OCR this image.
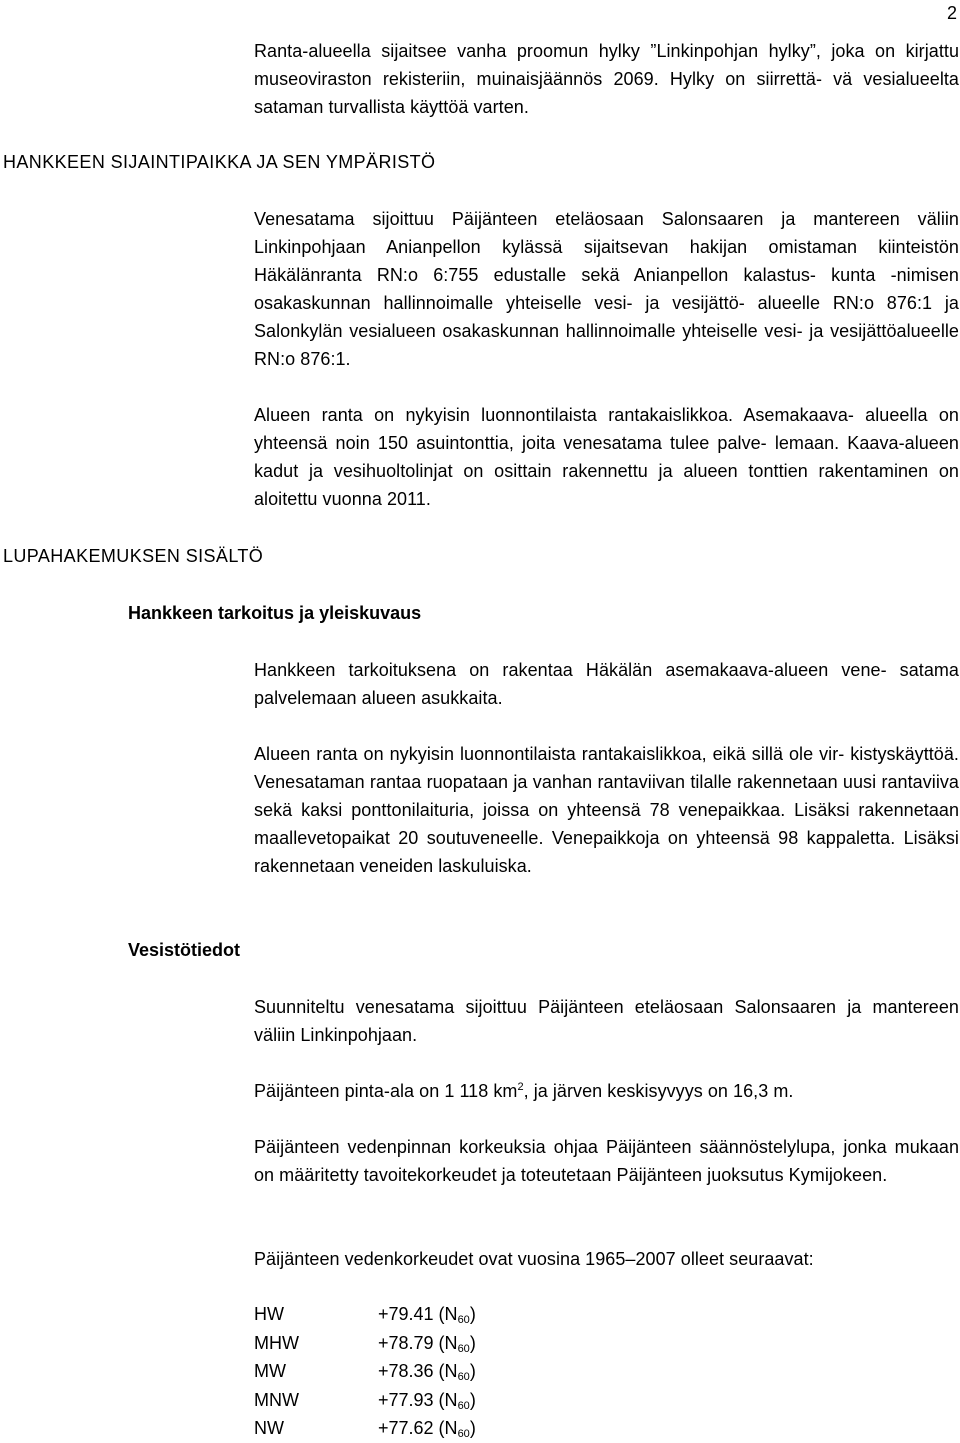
2

Ranta-alueella sijaitsee vanha proomun hylky ”Linkinpohjan hylky”, joka on kirjattu museoviraston rekisteriin, muinaisjäännös 2069. Hylky on siirrettä- vä vesialueelta sataman turvallista käyttöä varten.

HANKKEEN SIJAINTIPAIKKA JA SEN YMPÄRISTÖ

Venesatama sijoittuu Päijänteen eteläosaan Salonsaaren ja mantereen väliin Linkinpohjaan Anianpellon kylässä sijaitsevan hakijan omistaman kiinteistön Häkälänranta RN:o 6:755 edustalle sekä Anianpellon kalastus- kunta -nimisen osakaskunnan hallinnoimalle yhteiselle vesi- ja vesijättö- alueelle RN:o 876:1 ja Salonkylän vesialueen osakaskunnan hallinnoimalle yhteiselle vesi- ja vesijättöalueelle RN:o 876:1.

Alueen ranta on nykyisin luonnontilaista rantakaislikkoa. Asemakaava- alueella on yhteensä noin 150 asuintonttia, joita venesatama tulee palve- lemaan. Kaava-alueen kadut ja vesihuoltolinjat on osittain rakennettu ja alueen tonttien rakentaminen on aloitettu vuonna 2011.

LUPAHAKEMUKSEN SISÄLTÖ
Hankkeen tarkoitus ja yleiskuvaus

Hankkeen tarkoituksena on rakentaa Häkälän asemakaava-alueen vene- satama palvelemaan alueen asukkaita.

Alueen ranta on nykyisin luonnontilaista rantakaislikkoa, eikä sillä ole vir- kistyskäyttöä. Venesataman rantaa ruopataan ja vanhan rantaviivan tilalle rakennetaan uusi rantaviiva sekä kaksi ponttonilaituria, joissa on yhteensä 78 venepaikkaa. Lisäksi rakennetaan maallevetopaikat 20 soutuveneelle. Venepaikkoja on yhteensä 98 kappaletta. Lisäksi rakennetaan veneiden laskuluiska.

Vesistötiedot

Suunniteltu venesatama sijoittuu Päijänteen eteläosaan Salonsaaren ja mantereen väliin Linkinpohjaan.

Päijänteen pinta-ala on 1 118 $km^2$, ja järven keskisyvyys on 16,3 m.

Päijänteen vedenpinnan korkeuksia ohjaa Päijänteen säännöstelylupa, jonka mukaan on määritetty tavoitekorkeudet ja toteutetaan Päijänteen juoksutus Kymijokeen.

Päijänteen vedenkorkeudet ovat vuosina 1965–2007 olleet seuraavat:

HW	+79.41 $(N_{60})$
MHW	+78.79 $(N_{60})$
MW	+78.36 $(N_{60})$
MNW	+77.93 $(N_{60})$
NW	+77.62 $(N_{60})$
